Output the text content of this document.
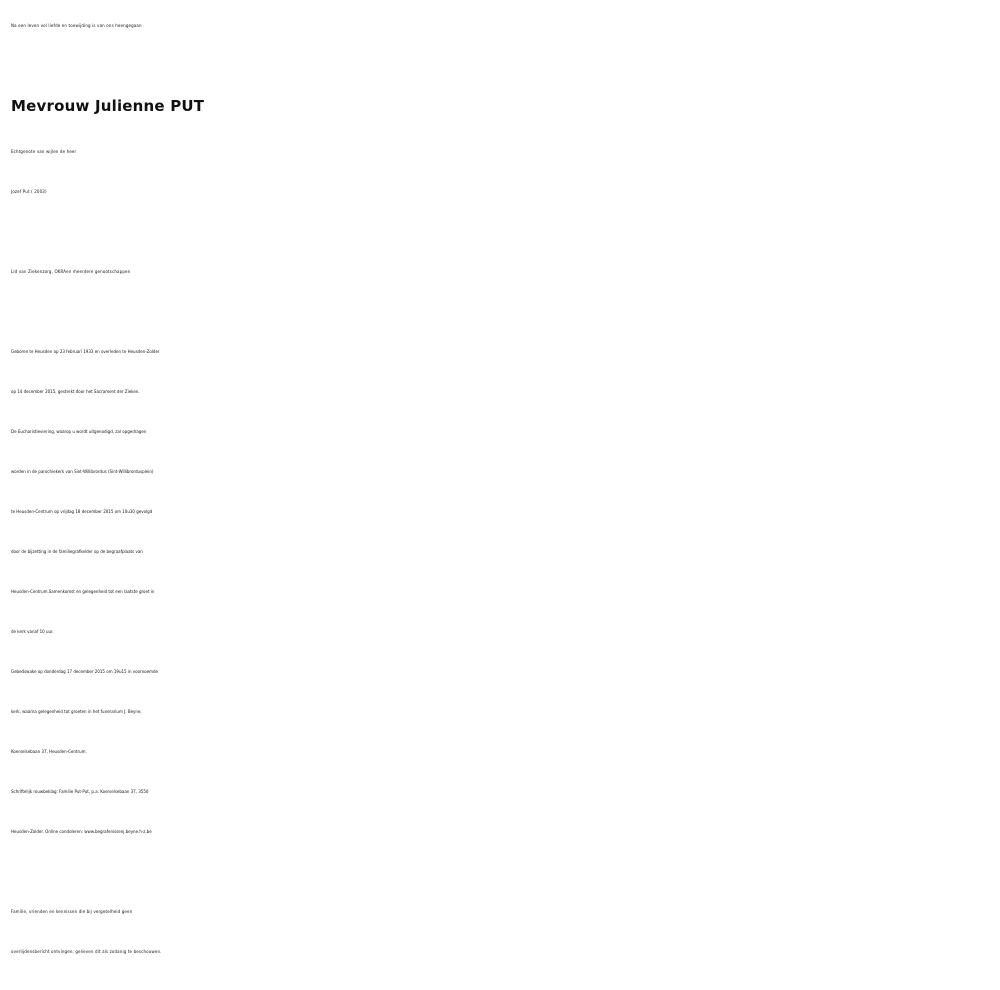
Na een leven vol liefde en toewijding is van ons heengegaan
Mevrouw Julienne PUT
Echtgenote van wijlen de heer
Jozef Put ( 2003)
Lid van Ziekenzorg, OKRAen meerdere genootschappen
Geboren te Heusden op 23 februari 1933 en overleden te Heusden-Zolder
op 14 december 2015, gesterkt door het Sacrament der Zieken.
De Eucharistieviering, waarop u wordt uitgenodigd, zal opgedragen
worden in de parochiekerk van Sint-Willibrordus (Sint-Willibrordusplein)
te Heusden-Centrum op vrijdag 18 december 2015 om 10u30 gevolgd
door de bijzetting in de familiegrafkelder op de begraafplaats van
Heusden-Centrum.Samenkomst en gelegenheid tot een laatste groet in
de kerk vanaf 10 uur.
Gebedswake op donderdag 17 december 2015 om 19u15 in voornoemde
kerk, waarna gelegenheid tot groeten in het funerarium J. Beyne,
Koerselsebaan 37, Heusden-Centrum.
Schriftelijk rouwbeklag: Familie Put-Put, p.a. Koerselsebaan 37, 3550
Heusden-Zolder. Online condoleren: www.begrafenissenj.beyne.h-z.be
Familie, vrienden en kennissen die bij vergetelheid geen
overlijdensbericht ontvingen, gelieven dit als zodanig te beschouwen.
